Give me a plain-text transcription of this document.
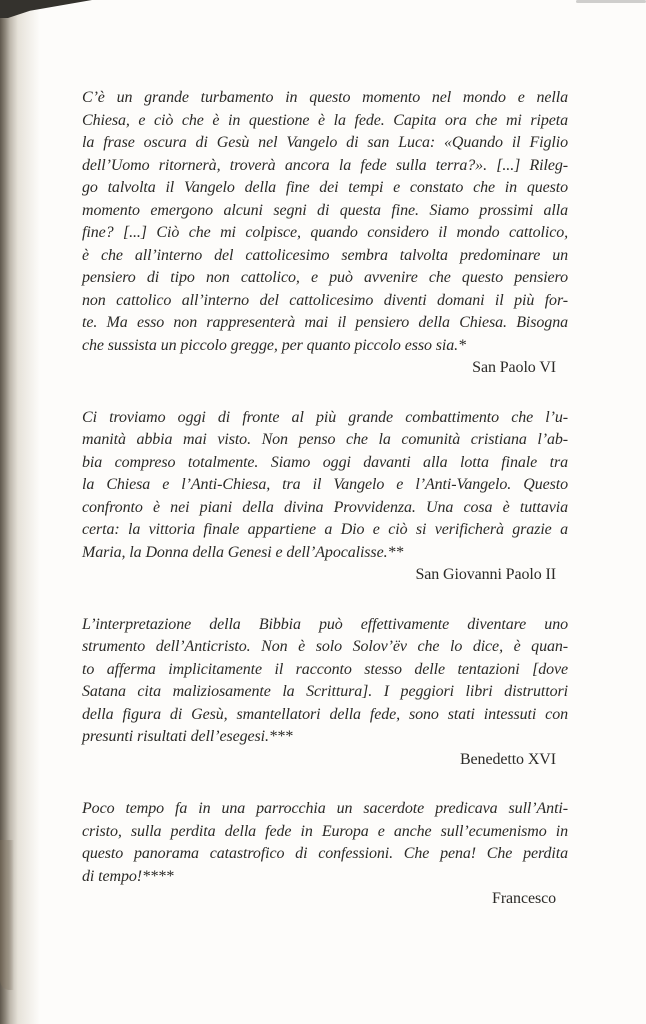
C’è un grande turbamento in questo momento nel mondo e nella
Chiesa, e ciò che è in questione è la fede. Capita ora che mi ripeta
la frase oscura di Gesù nel Vangelo di san Luca: «Quando il Figlio
dell’Uomo ritornerà, troverà ancora la fede sulla terra?». [...] Rileg-
go talvolta il Vangelo della fine dei tempi e constato che in questo
momento emergono alcuni segni di questa fine. Siamo prossimi alla
fine? [...] Ciò che mi colpisce, quando considero il mondo cattolico,
è che all’interno del cattolicesimo sembra talvolta predominare un
pensiero di tipo non cattolico, e può avvenire che questo pensiero
non cattolico all’interno del cattolicesimo diventi domani il più for-
te. Ma esso non rappresenterà mai il pensiero della Chiesa. Bisogna
che sussista un piccolo gregge, per quanto piccolo esso sia.*
San Paolo VI
Ci troviamo oggi di fronte al più grande combattimento che l’u-
manità abbia mai visto. Non penso che la comunità cristiana l’ab-
bia compreso totalmente. Siamo oggi davanti alla lotta finale tra
la Chiesa e l’Anti-Chiesa, tra il Vangelo e l’Anti-Vangelo. Questo
confronto è nei piani della divina Provvidenza. Una cosa è tuttavia
certa: la vittoria finale appartiene a Dio e ciò si verificherà grazie a
Maria, la Donna della Genesi e dell’Apocalisse.**
San Giovanni Paolo II
L’interpretazione della Bibbia può effettivamente diventare uno
strumento dell’Anticristo. Non è solo Solov’ëv che lo dice, è quan-
to afferma implicitamente il racconto stesso delle tentazioni [dove
Satana cita maliziosamente la Scrittura]. I peggiori libri distruttori
della figura di Gesù, smantellatori della fede, sono stati intessuti con
presunti risultati dell’esegesi.***
Benedetto XVI
Poco tempo fa in una parrocchia un sacerdote predicava sull’Anti-
cristo, sulla perdita della fede in Europa e anche sull’ecumenismo in
questo panorama catastrofico di confessioni. Che pena! Che perdita
di tempo!****
Francesco
